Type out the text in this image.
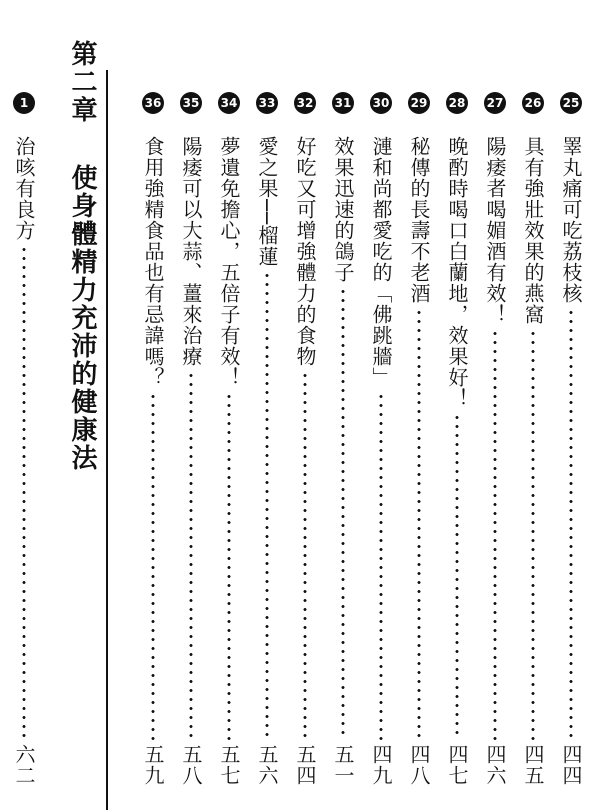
25
睪丸痛可吃荔枝核
四四
26
具有強壯效果的燕窩
四五
27
陽痿者喝媚酒有效！
四六
28
晚酌時喝口白蘭地，效果好！
四七
29
秘傳的長壽不老酒
四八
30
漣和尚都愛吃的「佛跳牆」
四九
31
效果迅速的鴿子
五一
32
好吃又可增強體力的食物
五四
33
愛之果──榴蓮
五六
34
夢遺免擔心，五倍子有效！
五七
35
陽痿可以大蒜、薑來治療
五八
36
食用強精食品也有忌諱嗎？
五九
第二章使身體精力充沛的健康法
1
治咳有良方
六二
